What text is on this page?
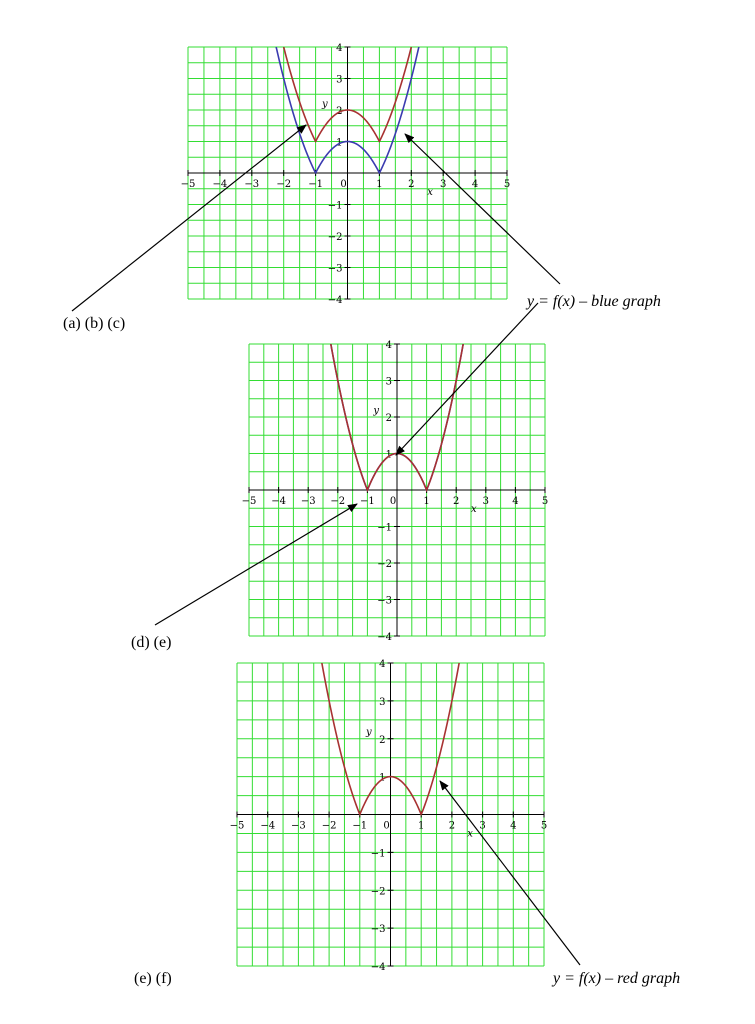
−5 −4 −3 −2 −1 0	1	2	3	4	5
4
3
2
1
−1
−2
−3
−4
x
y
−5 −4 −3 −2 −1 0	1 2 3 4 5
4
3
2
1
−1
−2
−3
−4
x
y
−5 −4 −3 −2 −1 0	1 2 3 4 5
4
3
2
1
−1
−2
−3
−4
x
y
(a) (b) (c)
y = f(x) – blue graph
(d) (e)
(e) (f)	y = f(x) – red graph
